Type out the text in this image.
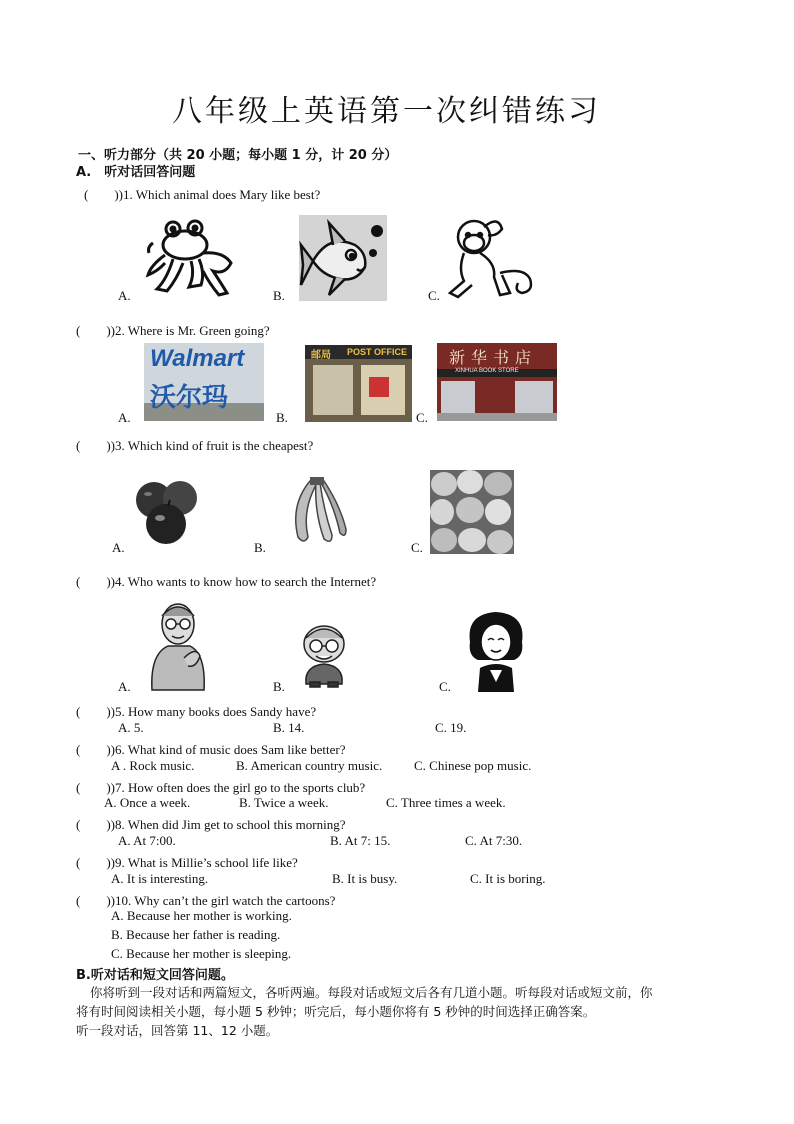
八年级上英语第一次纠错练习
一、听力部分（共 20 小题；每小题 1 分，计 20 分）
A.　听对话回答问题
(　　))1. Which animal does Mary like best?
A.	B.	C.
(　　))2. Where is Mr. Green going?
A.	B.	C.
Walmart
沃尔玛
邮局 POST OFFICE	新华书店
XINHUA BOOK STORE
(　　))3. Which kind of fruit is the cheapest?
A.	B.	C.
(　　))4. Who wants to know how to search the Internet?
A.	B.	C.
(　　))5. How many books does Sandy have?
A. 5.	B. 14.	C. 19.
(　　))6. What kind of music does Sam like better?
A . Rock music.	B. American country music. C. Chinese pop music.
(　　))7. How often does the girl go to the sports club?
A. Once a week.	B. Twice a week.	C. Three times a week.
(　　))8. When did Jim get to school this morning?
A. At 7:00.	B. At 7: 15.	C. At 7:30.
(　　))9. What is Millie’s school life like?
A. It is interesting.	B. It is busy.	C. It is boring.
(　　))10. Why can’t the girl watch the cartoons?
A. Because her mother is working.
B. Because her father is reading.
C. Because her mother is sleeping.
B.听对话和短文回答问题。
你将听到一段对话和两篇短文，各听两遍。每段对话或短文后各有几道小题。听每段对话或短文前，你
将有时间阅读相关小题，每小题 5 秒钟；听完后，每小题你将有 5 秒钟的时间选择正确答案。
听一段对话，回答第 11、12 小题。
